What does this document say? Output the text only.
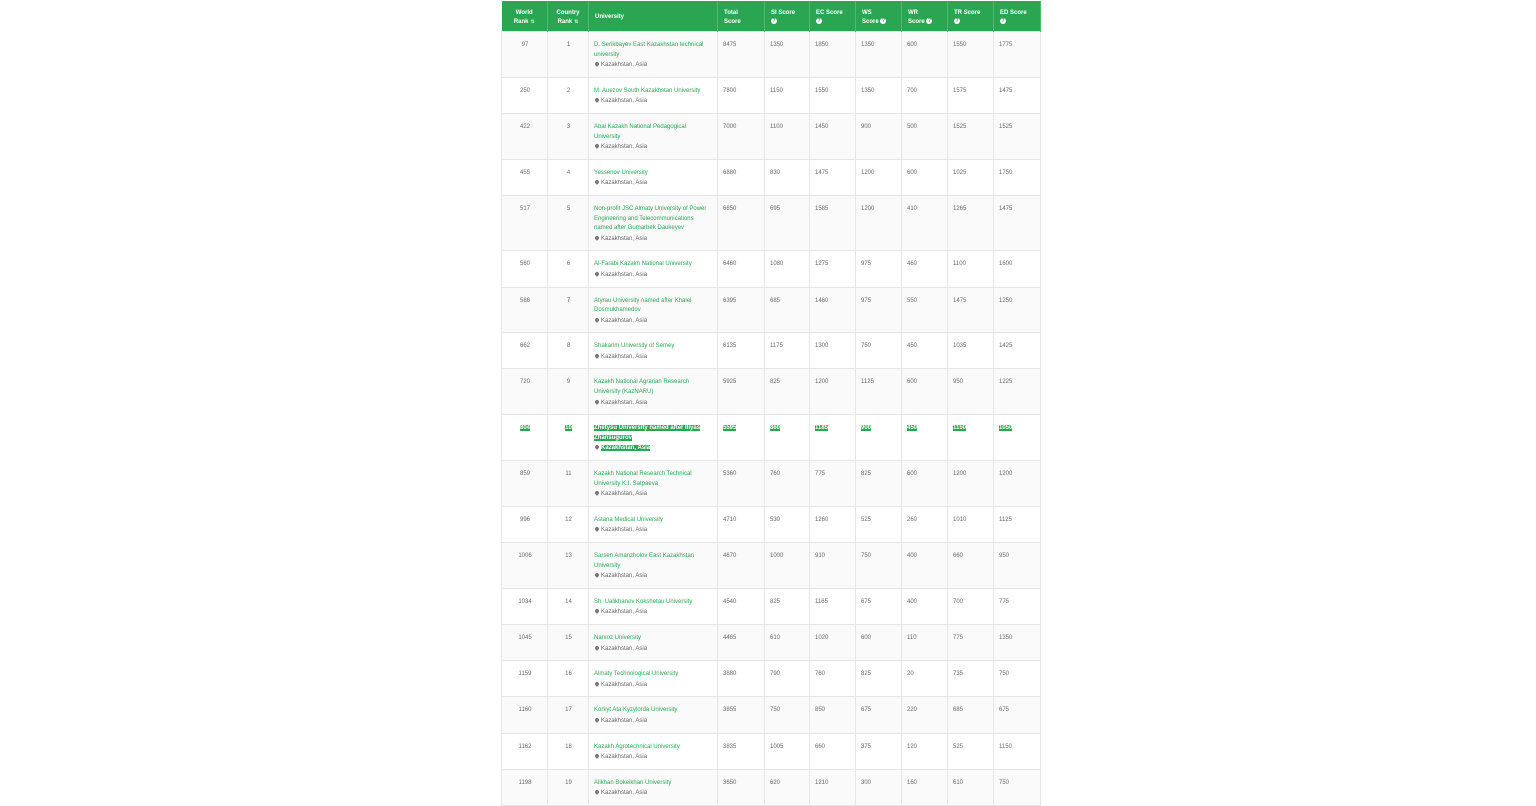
World
Rank ⇅	Country
Rank ⇅	University	Total
Score	SI Score
?	EC Score
?	WS
Score ?	WR
Score ?	TR Score
?	ED Score
?
97	1	D. Serikbayev East Kazakhstan technical university
Kazakhstan, Asia	8475	1350	1850	1350	600	1550	1775
250	2	M. Auezov South Kazakhstan University
Kazakhstan, Asia	7800	1150	1550	1350	700	1575	1475
422	3	Abai Kazakh National Pedagogical University
Kazakhstan, Asia	7000	1100	1450	900	500	1525	1525
455	4	Yessenov University
Kazakhstan, Asia	6880	830	1475	1200	600	1025	1750
517	5	Non-profit JSC Almaty University of Power Engineering and Telecommunications named after Gumarbek Daukeyev
Kazakhstan, Asia	6650	695	1585	1200	410	1265	1475
560	6	Al-Farabi Kazakh National University
Kazakhstan, Asia	6460	1080	1275	975	460	1100	1600
586	7	Atyrau University named after Khalel Dosmukhamedov
Kazakhstan, Asia	6395	685	1460	975	550	1475	1250
662	8	Shakarim University of Semey
Kazakhstan, Asia	6135	1175	1300	750	450	1035	1425
720	9	Kazakh National Agrarian Research University (KazNARU)
Kazakhstan, Asia	5925	825	1200	1125	600	950	1225
804	10	Zhetysu University named after Iliyas Zhansugurov
Kazakhstan, Asia	5595	860	1185	900	450	1150	1050
859	11	Kazakh National Research Technical University K.I. Satpaeva
Kazakhstan, Asia	5360	760	775	825	600	1200	1200
996	12	Astana Medical University
Kazakhstan, Asia	4710	530	1260	525	260	1010	1125
1006	13	Sarsen Amanzholov East Kazakhstan University
Kazakhstan, Asia	4670	1000	910	750	400	660	950
1034	14	Sh. Ualikhanov Kokshetau University
Kazakhstan, Asia	4540	825	1165	675	400	700	775
1045	15	Narxoz University
Kazakhstan, Asia	4465	610	1020	600	110	775	1350
1159	16	Almaty Technological University
Kazakhstan, Asia	3880	790	760	825	20	735	750
1160	17	Korkyt Ata Kyzylorda University
Kazakhstan, Asia	3855	750	850	675	220	685	675
1162	18	Kazakh Agrotechnical University
Kazakhstan, Asia	3835	1005	660	375	120	525	1150
1198	19	Alikhan Bokeikhan University
Kazakhstan, Asia	3650	620	1210	300	160	610	750
